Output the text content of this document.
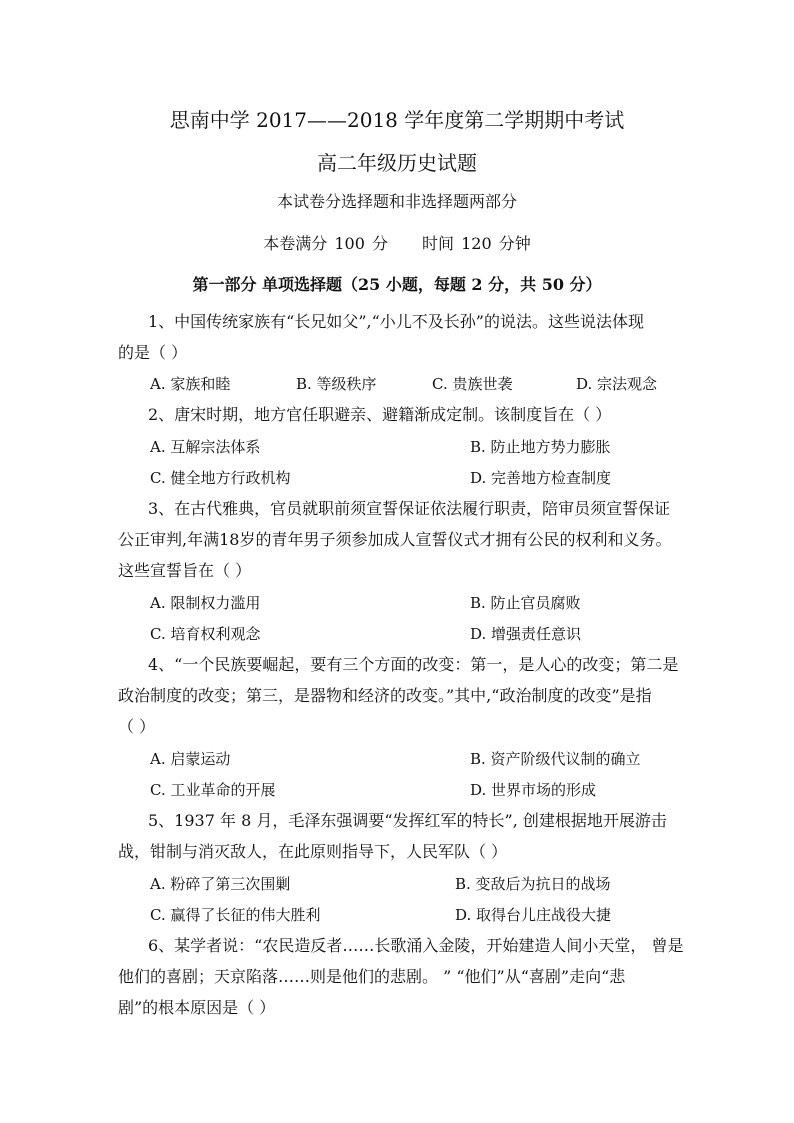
思南中学 2017——2018 学年度第二学期期中考试
高二年级历史试题
本试卷分选择题和非选择题两部分
本卷满分 100 分 时间 120 分钟
第一部分 单项选择题（25 小题，每题 2 分，共 50 分）
1、中国传统家族有“长兄如父”,“小儿不及长孙”的说法。这些说法体现
的是（ ）
A. 家族和睦	B. 等级秩序	C. 贵族世袭	D. 宗法观念
2、唐宋时期，地方官任职避亲、避籍渐成定制。该制度旨在（ ）
A. 互解宗法体系	B. 防止地方势力膨胀
C. 健全地方行政机构	D. 完善地方检查制度
3、在古代雅典，官员就职前须宣誓保证依法履行职责，陪审员须宣誓保证
公正审判,年满18岁的青年男子须参加成人宣誓仪式才拥有公民的权利和义务。
这些宣誓旨在（ ）
A. 限制权力滥用	B. 防止官员腐败
C. 培育权利观念	D. 增强责任意识
4、“一个民族要崛起，要有三个方面的改变：第一，是人心的改变；第二是
政治制度的改变；第三，是器物和经济的改变。”其中,“政治制度的改变”是指
（ ）
A. 启蒙运动	B. 资产阶级代议制的确立
C. 工业革命的开展	D. 世界市场的形成
5、1937 年 8 月，毛泽东强调要“发挥红军的特长”, 创建根据地开展游击
战，钳制与消灭敌人，在此原则指导下，人民军队（ ）
A. 粉碎了第三次围剿	B. 变敌后为抗日的战场
C. 赢得了长征的伟大胜利	D. 取得台儿庄战役大捷
6、某学者说：“农民造反者……长歌涌入金陵，开始建造人间小天堂， 曾是
他们的喜剧；天京陷落……则是他们的悲剧。 ” “他们”从“喜剧”走向“悲
剧”的根本原因是（ ）
